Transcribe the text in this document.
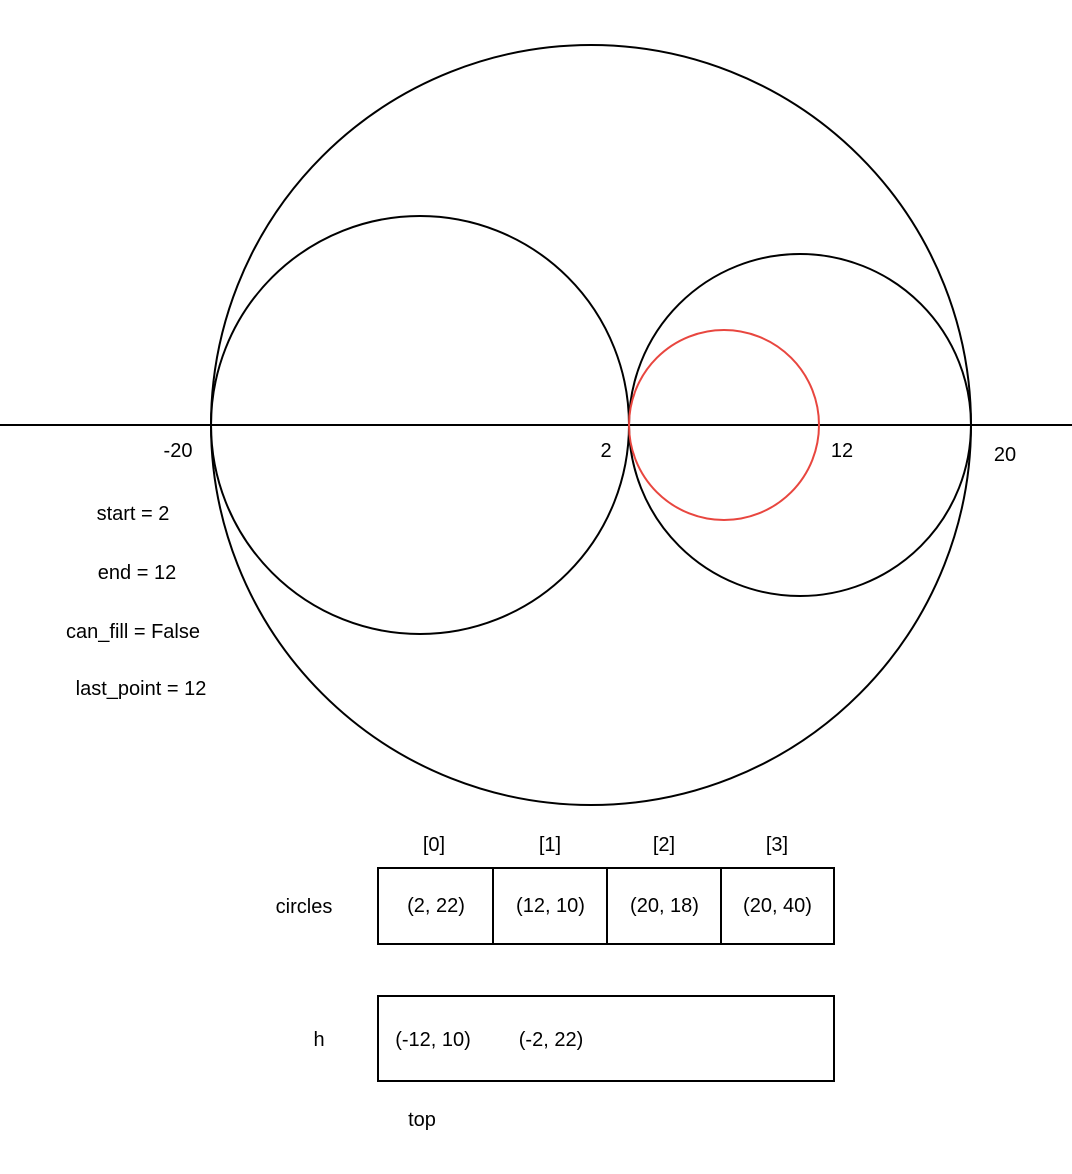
-20	2	12	20
start = 2
end = 12
can_fill = False
last_point = 12
[0]	[1]	[2]	[3]
circles	(2, 22)	(12, 10)	(20, 18)	(20, 40)
h	(-12, 10) (-2, 22)
top
